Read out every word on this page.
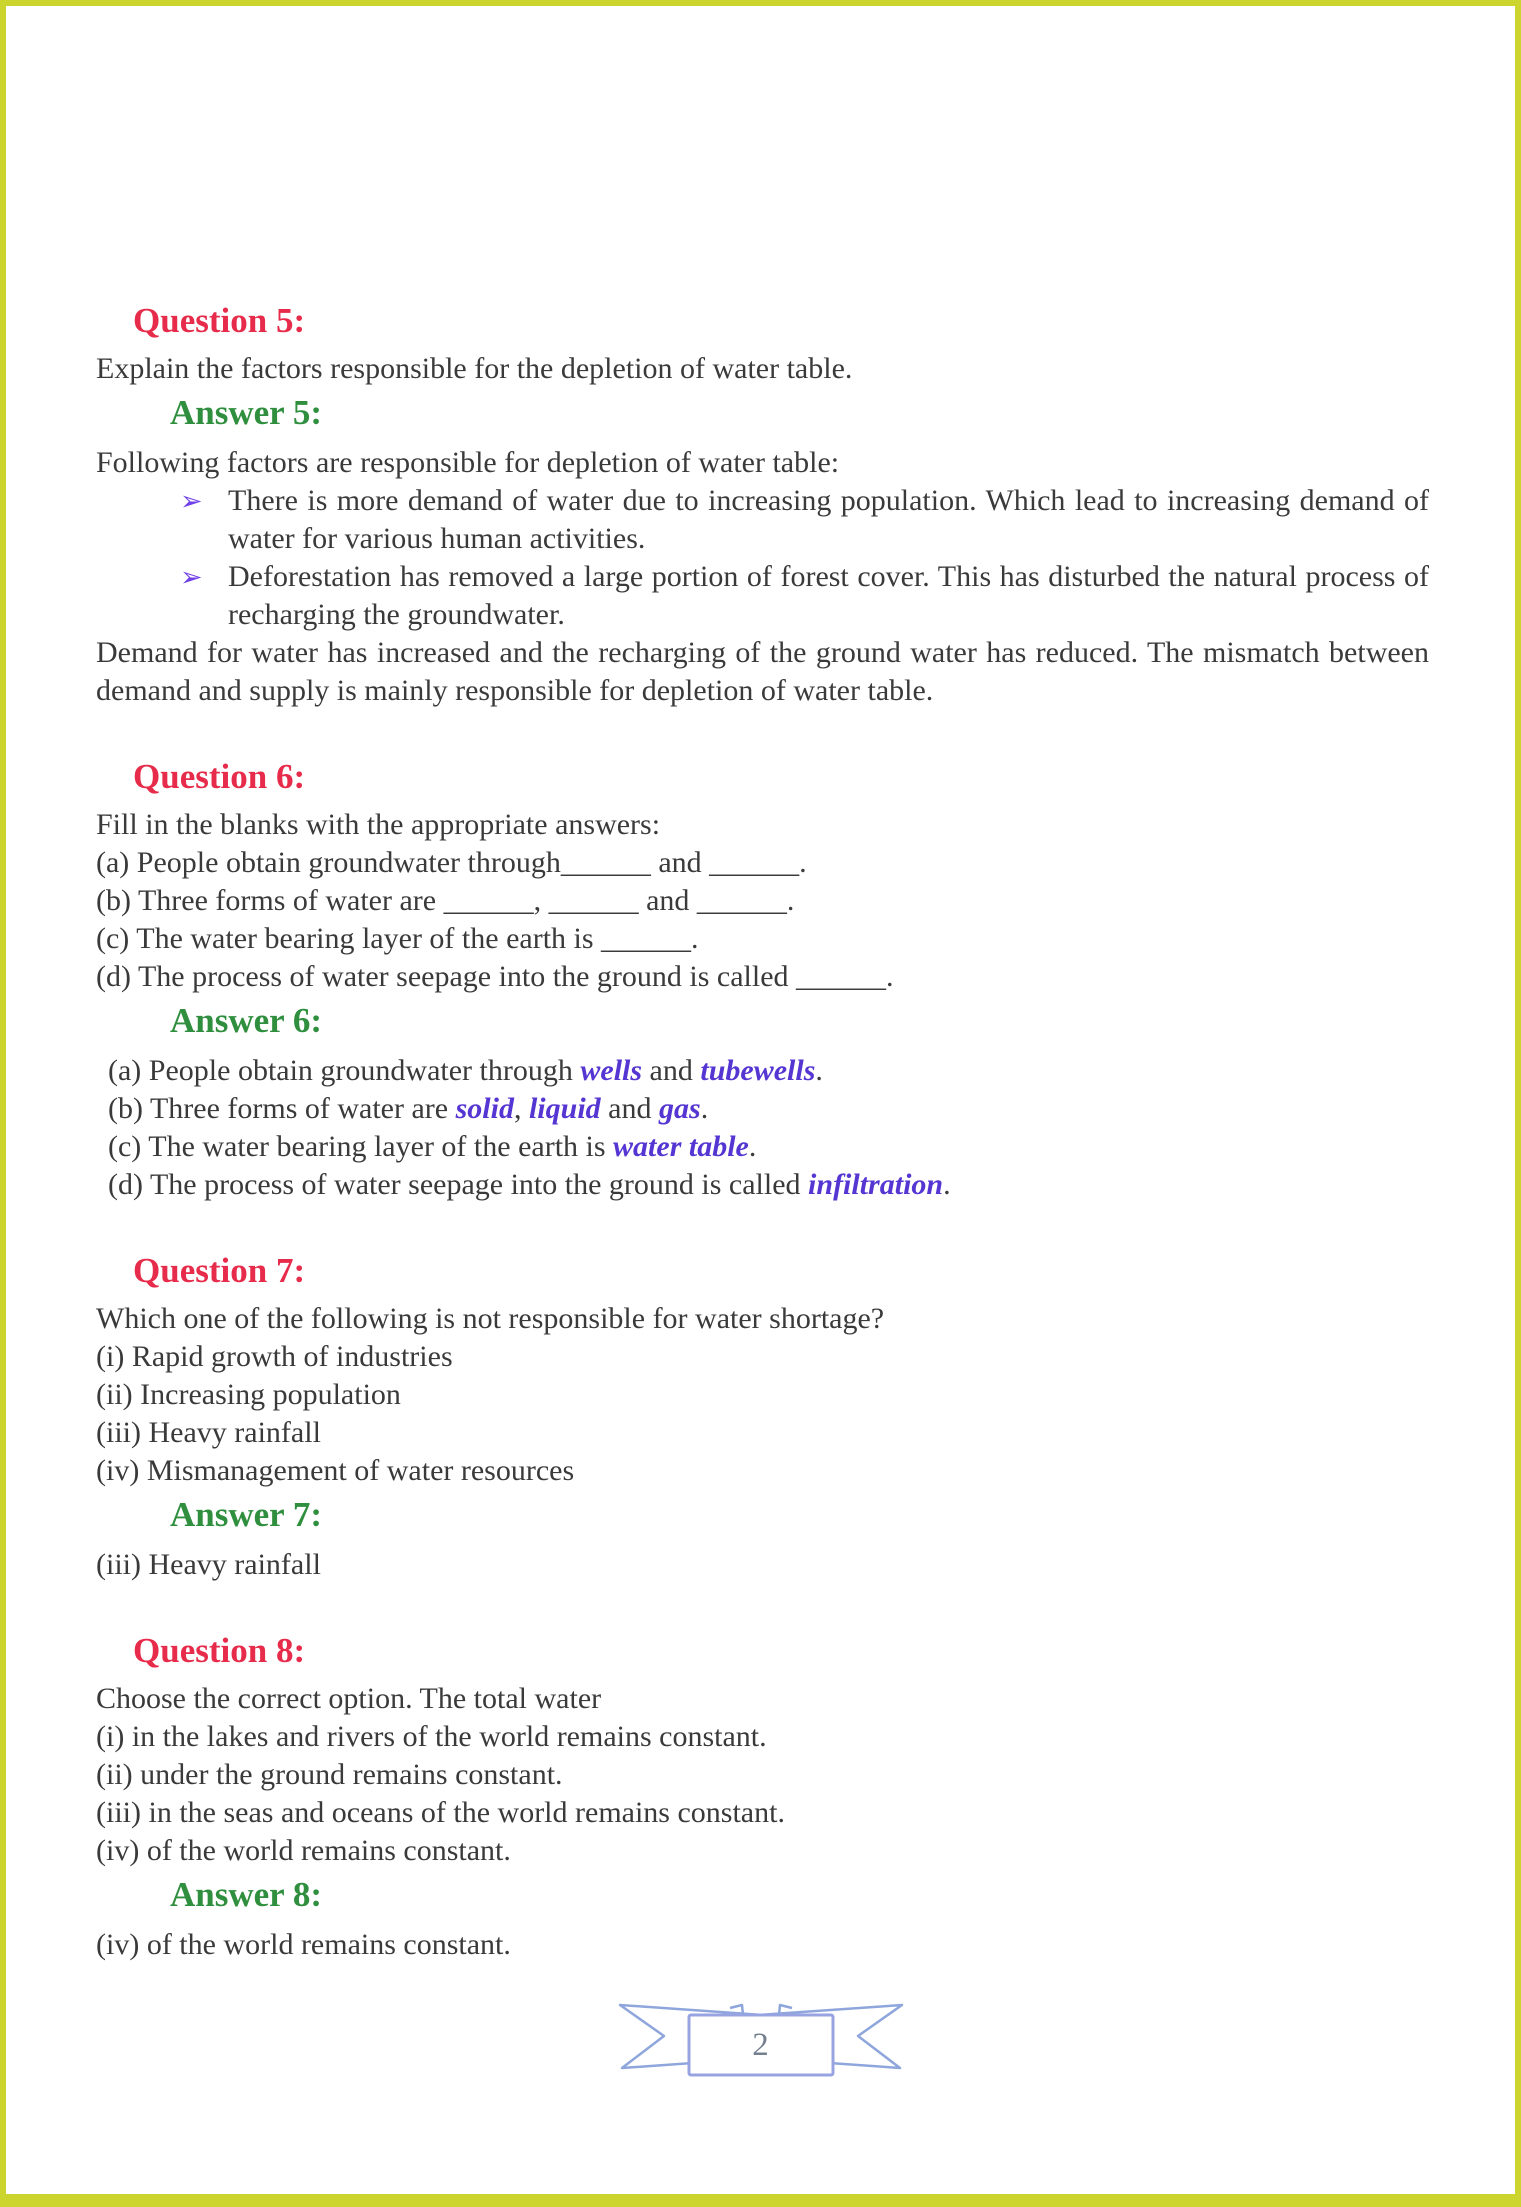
Question 5:

Explain the factors responsible for the depletion of water table.

Answer 5:

Following factors are responsible for depletion of water table:

➢ There is more demand of water due to increasing population. Which lead to increasing demand of water for various human activities.

➢ Deforestation has removed a large portion of forest cover. This has disturbed the natural process of recharging the groundwater.

Demand for water has increased and the recharging of the ground water has reduced. The mismatch between demand and supply is mainly responsible for depletion of water table.

Question 6:

Fill in the blanks with the appropriate answers:

(a) People obtain groundwater through______ and ______.

(b) Three forms of water are ______, ______ and ______.

(c) The water bearing layer of the earth is ______.

(d) The process of water seepage into the ground is called ______.

Answer 6:

(a) People obtain groundwater through wells and tubewells.

(b) Three forms of water are solid, liquid and gas.

(c) The water bearing layer of the earth is water table.

(d) The process of water seepage into the ground is called infiltration.

Question 7:

Which one of the following is not responsible for water shortage?

(i) Rapid growth of industries

(ii) Increasing population

(iii) Heavy rainfall

(iv) Mismanagement of water resources

Answer 7:

(iii) Heavy rainfall

Question 8:

Choose the correct option. The total water

(i) in the lakes and rivers of the world remains constant.

(ii) under the ground remains constant.

(iii) in the seas and oceans of the world remains constant.

(iv) of the world remains constant.

Answer 8:

(iv) of the world remains constant.

2
